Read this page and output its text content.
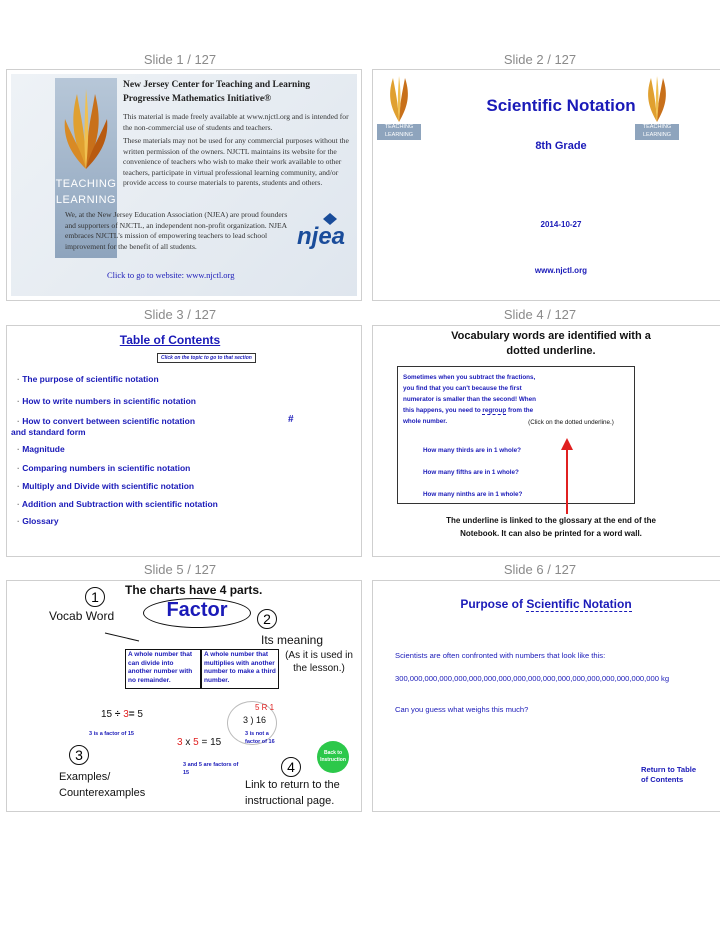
Slide 1 / 127	Slide 2 / 127
Slide 3 / 127	Slide 4 / 127
Slide 5 / 127	Slide 6 / 127
TEACHING
LEARNING
New Jersey Center for Teaching and Learning
Progressive Mathematics Initiative®
This material is made freely available at www.njctl.org and is intended for the non-commercial use of students and teachers.
These materials may not be used for any commercial purposes without the written permission of the owners. NJCTL maintains its website for the convenience of teachers who wish to make their work available to other teachers, participate in virtual professional learning community, and/or provide access to course materials to parents, students and others.
We, at the New Jersey Education Association (NJEA) are proud founders and supporters of NJCTL, an independent non-profit organization. NJEA embraces NJCTL's mission of empowering teachers to lead school improvement for the benefit of all students.	njea
Click to go to website: www.njctl.org
TEACHING
LEARNING
TEACHING
LEARNING
Scientific Notation
8th Grade
2014-10-27
www.njctl.org
Table of Contents
Click on the topic to go to that section
· The purpose of scientific notation
· How to write numbers in scientific notation
· How to convert between scientific notation	#
and standard form
· Magnitude
· Comparing numbers in scientific notation
· Multiply and Divide with scientific notation
· Addition and Subtraction with scientific notation
· Glossary
Vocabulary words are identified with a
dotted underline.
Sometimes when you subtract the fractions,
you find that you can't because the first
numerator is smaller than the second! When
this happens, you need to regroup from the
whole number.	(Click on the dotted underline.)
How many thirds are in 1 whole?
How many fifths are in 1 whole?
How many ninths are in 1 whole?
The underline is linked to the glossary at the end of the
Notebook. It can also be printed for a word wall.
The charts have 4 parts.
1
Vocab Word	Factor	2
Its meaning
A whole number that can divide into another number with no remainder.
A whole number that multiplies with another number to make a third number.
(As it is used in the lesson.)
15 ÷ 3= 5
3 is a factor of 15
5 R 1
3 ) 16
3 is not a
factor of 16
3 x 5 = 15
3 and 5 are factors of 15
Back to Instruction
3
4
Examples/ Counterexamples
Link to return to the instructional page.
Purpose of Scientific Notation
Scientists are often confronted with numbers that look like this:
300,000,000,000,000,000,000,000,000,000,000,000,000,000,000,000,000,000 kg
Can you guess what weighs this much?
Return to Table of Contents
